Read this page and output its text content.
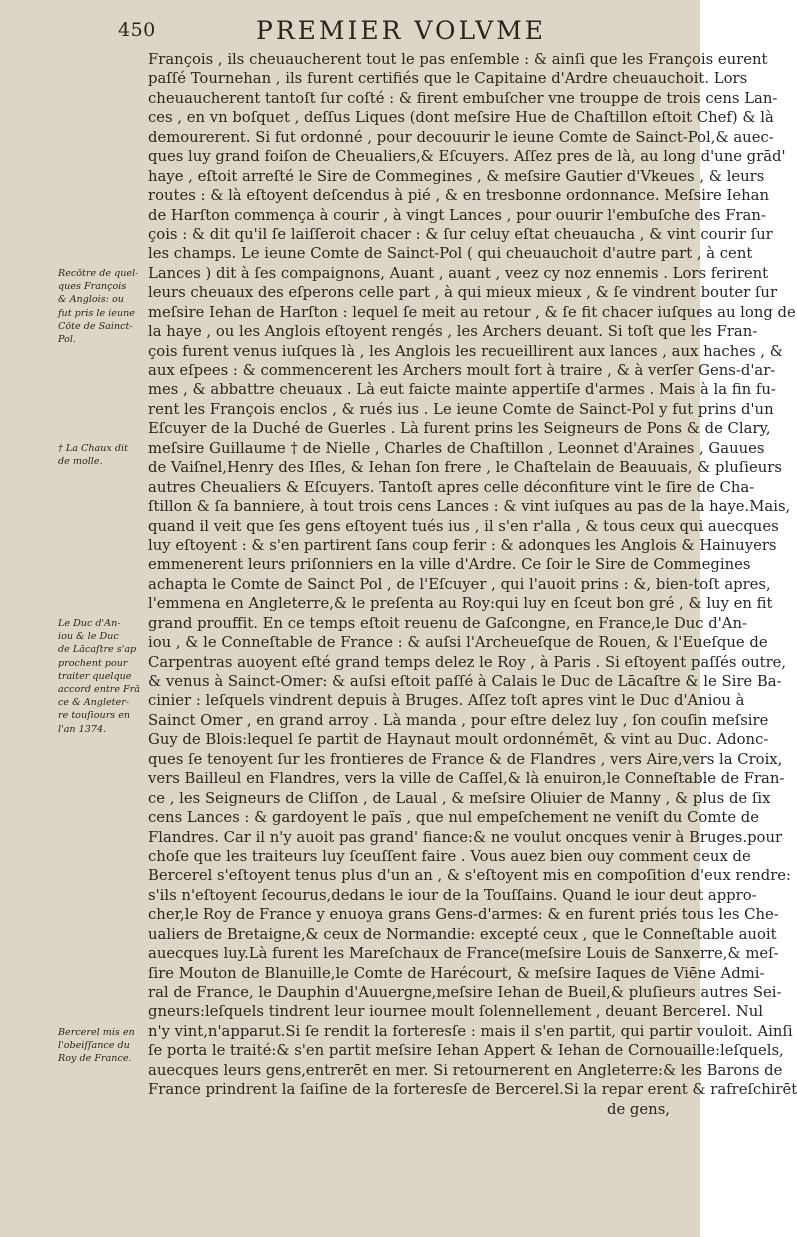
450	PREMIER VOLVME
Recōtre de quel-
ques François
& Anglois: ou
fut pris le ieune
Cōte de Sainct-
Pol.
† La Chaux dit
de molle.
Le Duc d'An-
iou & le Duc
de Lācaſtre s'ap
prochent pour
traiter quelque
accord entre Frā
ce & Angleter-
re touſiours en
l'an 1374.
Bercerel mis en
l'obeiſſance du
Roy de France.
François , ils cheuaucherent tout le pas enſemble : & ainſi que les François eurent
paſſé Tournehan , ils furent certifiés que le Capitaine d'Ardre cheuauchoit. Lors
cheuaucherent tantoſt ſur coſté : & firent embuſcher vne trouppe de trois cens Lan-
ces , en vn boſquet , deſſus Liques (dont meſsire Hue de Chaſtillon eſtoit Chef) & là
demourerent. Si fut ordonné , pour decouurir le ieune Comte de Sainct-Pol,& auec-
ques luy grand foiſon de Cheualiers,& Eſcuyers. Aſſez pres de là, au long d'une grād'
haye , eſtoit arreſté le Sire de Commegines , & meſsire Gautier d'Vkeues , & leurs
routes : & là eſtoyent deſcendus à pié , & en tresbonne ordonnance. Meſsire Iehan
de Harſton commença à courir , à vingt Lances , pour ouurir l'embuſche des Fran-
çois : & dit qu'il ſe laiſſeroit chacer : & ſur celuy eſtat cheuaucha , & vint courir ſur
les champs. Le ieune Comte de Sainct-Pol ( qui cheuauchoit d'autre part , à cent
Lances ) dit à ſes compaignons, Auant , auant , veez cy noz ennemis . Lors ferirent
leurs cheuaux des eſperons celle part , à qui mieux mieux , & ſe vindrent bouter ſur
meſsire Iehan de Harſton : lequel ſe meit au retour , & ſe fit chacer iuſques au long de
la haye , ou les Anglois eſtoyent rengés , les Archers deuant. Si toſt que les Fran-
çois furent venus iuſques là , les Anglois les recueillirent aux lances , aux haches , &
aux eſpees : & commencerent les Archers moult fort à traire , & à verſer Gens-d'ar-
mes , & abbattre cheuaux . Là eut faicte mainte appertiſe d'armes . Mais à la fin fu-
rent les François enclos , & rués ius . Le ieune Comte de Sainct-Pol y fut prins d'un
Eſcuyer de la Duché de Guerles . Là furent prins les Seigneurs de Pons & de Clary,
meſsire Guillaume † de Nielle , Charles de Chaſtillon , Leonnet d'Araines , Gauues
de Vaiſnel,Henry des Iſles, & Iehan ſon frere , le Chaſtelain de Beauuais, & pluſieurs
autres Cheualiers & Eſcuyers. Tantoſt apres celle déconfiture vint le ſire de Cha-
ſtillon & ſa banniere, à tout trois cens Lances : & vint iuſques au pas de la haye.Mais,
quand il veit que ſes gens eſtoyent tués ius , il s'en r'alla , & tous ceux qui auecques
luy eſtoyent : & s'en partirent ſans coup ferir : & adonques les Anglois & Hainuyers
emmenerent leurs priſonniers en la ville d'Ardre. Ce ſoir le Sire de Commegines
achapta le Comte de Sainct Pol , de l'Eſcuyer , qui l'auoit prins : &, bien-toſt apres,
l'emmena en Angleterre,& le preſenta au Roy:qui luy en ſceut bon gré , & luy en fit
grand prouffit. En ce temps eſtoit reuenu de Gaſcongne, en France,le Duc d'An-
iou , & le Conneſtable de France : & auſsi l'Archeueſque de Rouen, & l'Eueſque de
Carpentras auoyent eſté grand temps delez le Roy , à Paris . Si eſtoyent paſſés outre,
& venus à Sainct-Omer: & auſsi eſtoit paſſé à Calais le Duc de Lācaſtre & le Sire Ba-
cinier : leſquels vindrent depuis à Bruges. Aſſez toſt apres vint le Duc d'Aniou à
Sainct Omer , en grand arroy . Là manda , pour eſtre delez luy , ſon couſin meſsire
Guy de Blois:lequel ſe partit de Haynaut moult ordonnémēt, & vint au Duc. Adonc-
ques ſe tenoyent ſur les frontieres de France & de Flandres , vers Aire,vers la Croix,
vers Bailleul en Flandres, vers la ville de Caſſel,& là enuiron,le Conneſtable de Fran-
ce , les Seigneurs de Cliſſon , de Laual , & meſsire Oliuier de Manny , & plus de ſix
cens Lances : & gardoyent le païs , que nul empeſchement ne veniſt du Comte de
Flandres. Car il n'y auoit pas grand' fiance:& ne voulut oncques venir à Bruges.pour
choſe que les traiteurs luy ſceuſſent faire . Vous auez bien ouy comment ceux de
Bercerel s'eſtoyent tenus plus d'un an , & s'eſtoyent mis en compoſition d'eux rendre:
s'ils n'eſtoyent ſecourus,dedans le iour de la Touſſains. Quand le iour deut appro-
cher,le Roy de France y enuoya grans Gens-d'armes: & en furent priés tous les Che-
ualiers de Bretaigne,& ceux de Normandie: excepté ceux , que le Conneſtable auoit
auecques luy.Là furent les Mareſchaux de France(meſsire Louis de Sanxerre,& meſ-
ſire Mouton de Blanuille,le Comte de Harécourt, & meſsire Iaques de Viēne Admi-
ral de France, le Dauphin d'Auuergne,meſsire Iehan de Bueil,& pluſieurs autres Sei-
gneurs:leſquels tindrent leur iournee moult ſolennellement , deuant Bercerel. Nul
n'y vint,n'apparut.Si ſe rendit la forteresſe : mais il s'en partit, qui partir vouloit. Ainſi
ſe porta le traité:& s'en partit meſsire Iehan Appert & Iehan de Cornouaille:leſquels,
auecques leurs gens,entrerēt en mer. Si retournerent en Angleterre:& les Barons de
France prindrent la ſaiſine de la forteresſe de Bercerel.Si la repar erent & rafreſchirēt
de gens,
